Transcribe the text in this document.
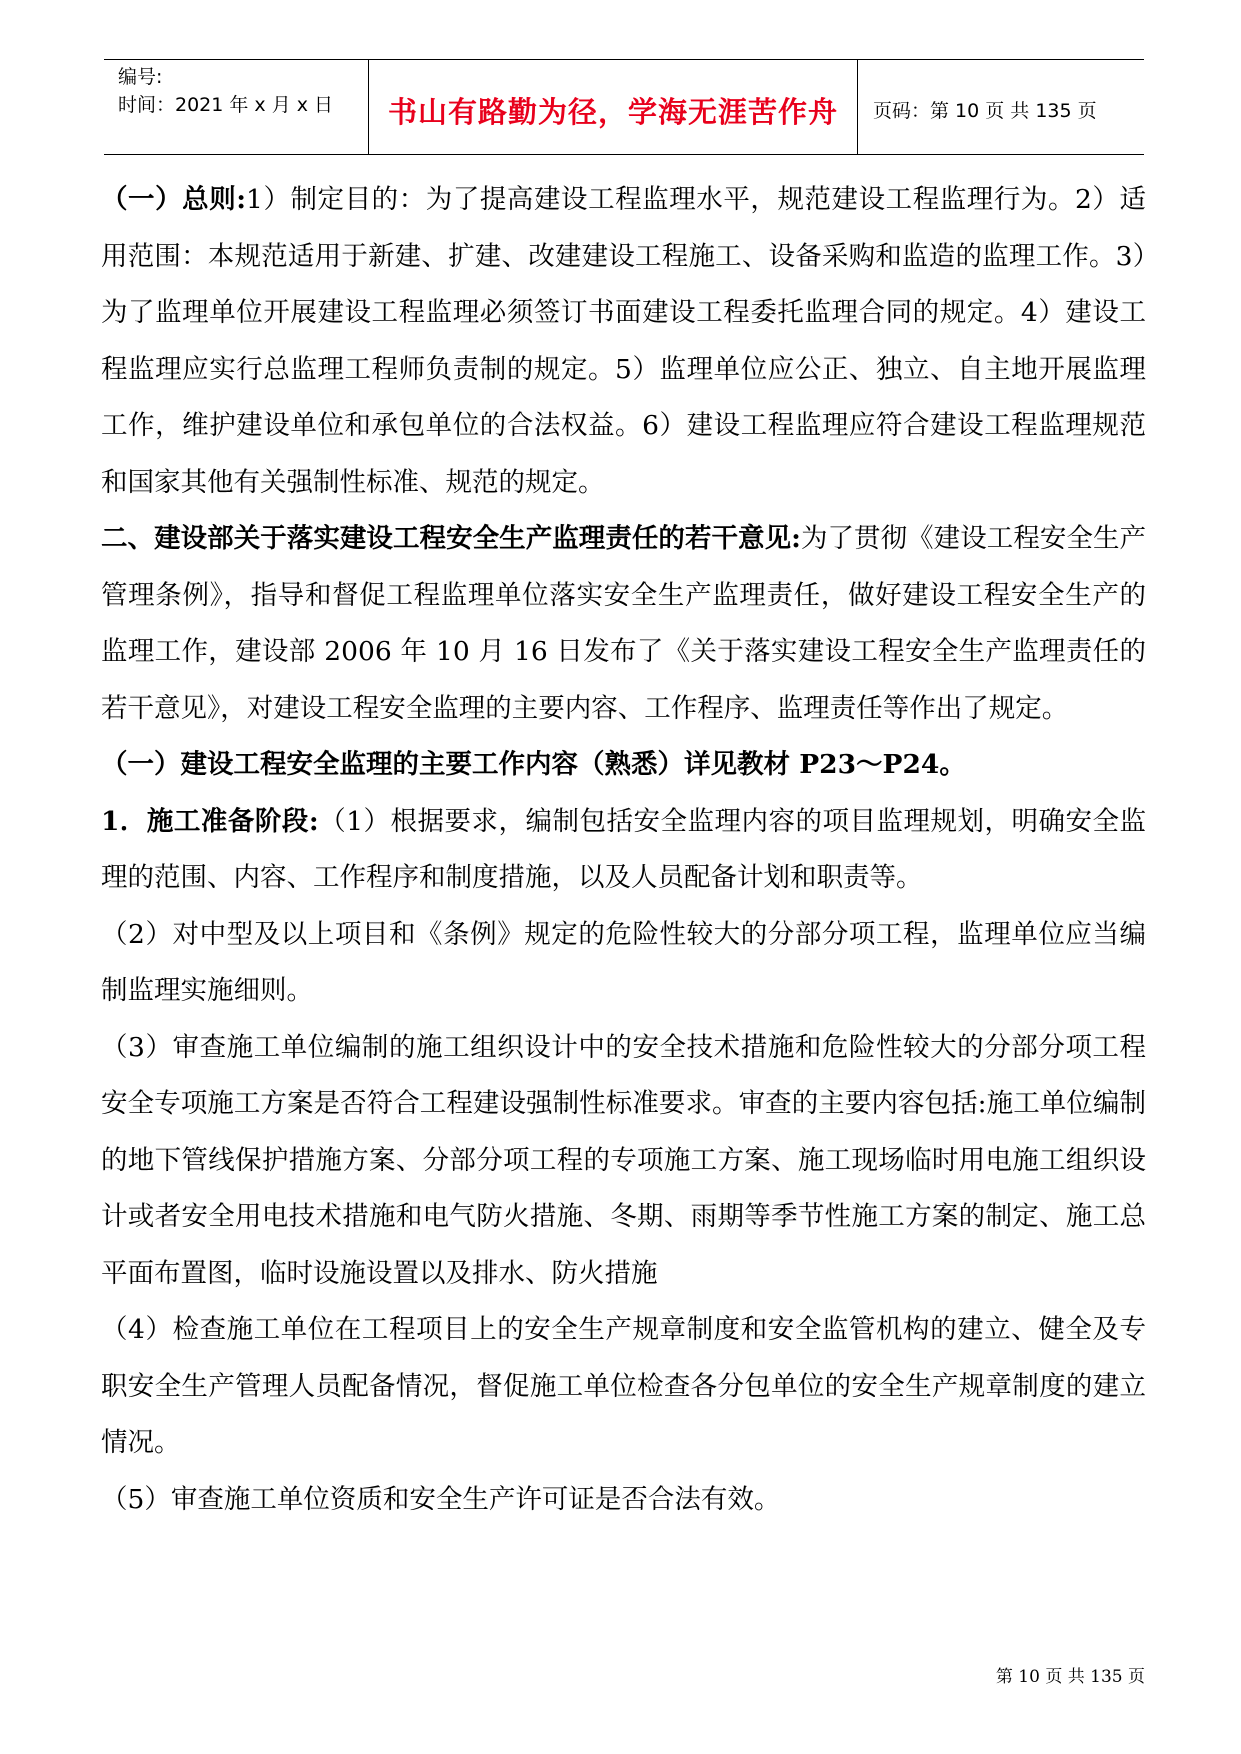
编号:
时间：2021 年 x 月 x 日	书山有路勤为径，学海无涯苦作舟	页码：第 10 页 共 135 页

（一）总则:1）制定目的：为了提高建设工程监理水平，规范建设工程监理行为。2）适用范围：本规范适用于新建、扩建、改建建设工程施工、设备采购和监造的监理工作。3）为了监理单位开展建设工程监理必须签订书面建设工程委托监理合同的规定。4）建设工程监理应实行总监理工程师负责制的规定。5）监理单位应公正、独立、自主地开展监理工作，维护建设单位和承包单位的合法权益。6）建设工程监理应符合建设工程监理规范和国家其他有关强制性标准、规范的规定。

二、建设部关于落实建设工程安全生产监理责任的若干意见:为了贯彻《建设工程安全生产管理条例》，指导和督促工程监理单位落实安全生产监理责任，做好建设工程安全生产的监理工作，建设部 2006 年 10 月 16 日发布了《关于落实建设工程安全生产监理责任的若干意见》，对建设工程安全监理的主要内容、工作程序、监理责任等作出了规定。

（一）建设工程安全监理的主要工作内容（熟悉）详见教材 P23～P24。

1．施工准备阶段:（1）根据要求，编制包括安全监理内容的项目监理规划，明确安全监理的范围、内容、工作程序和制度措施，以及人员配备计划和职责等。

（2）对中型及以上项目和《条例》规定的危险性较大的分部分项工程，监理单位应当编制监理实施细则。

（3）审查施工单位编制的施工组织设计中的安全技术措施和危险性较大的分部分项工程安全专项施工方案是否符合工程建设强制性标准要求。审查的主要内容包括:施工单位编制的地下管线保护措施方案、分部分项工程的专项施工方案、施工现场临时用电施工组织设计或者安全用电技术措施和电气防火措施、冬期、雨期等季节性施工方案的制定、施工总平面布置图，临时设施设置以及排水、防火措施

（4）检查施工单位在工程项目上的安全生产规章制度和安全监管机构的建立、健全及专职安全生产管理人员配备情况，督促施工单位检查各分包单位的安全生产规章制度的建立情况。

（5）审查施工单位资质和安全生产许可证是否合法有效。

第 10 页 共 135 页
